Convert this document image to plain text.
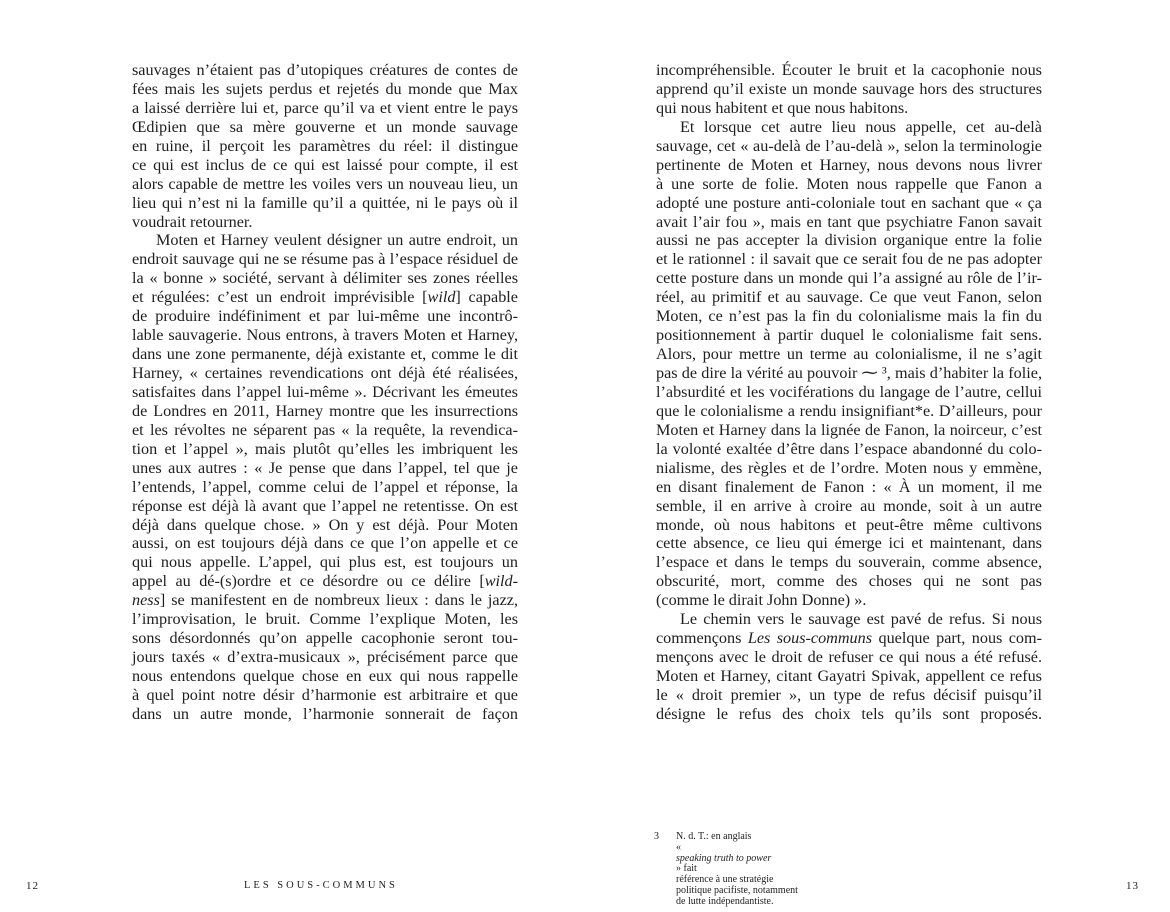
sauvages n’étaient pas d’utopiques créatures de contes de
fées mais les sujets perdus et rejetés du monde que Max
a laissé derrière lui et, parce qu’il va et vient entre le pays
Œdipien que sa mère gouverne et un monde sauvage
en ruine, il perçoit les paramètres du réel: il distingue
ce qui est inclus de ce qui est laissé pour compte, il est
alors capable de mettre les voiles vers un nouveau lieu, un
lieu qui n’est ni la famille qu’il a quittée, ni le pays où il
voudrait retourner.
Moten et Harney veulent désigner un autre endroit, un
endroit sauvage qui ne se résume pas à l’espace résiduel de
la « bonne » société, servant à délimiter ses zones réelles
et régulées: c’est un endroit imprévisible [wild] capable
de produire indéfiniment et par lui-même une incontrô-
lable sauvagerie. Nous entrons, à travers Moten et Harney,
dans une zone permanente, déjà existante et, comme le dit
Harney, « certaines revendications ont déjà été réalisées,
satisfaites dans l’appel lui-même ». Décrivant les émeutes
de Londres en 2011, Harney montre que les insurrections
et les révoltes ne séparent pas « la requête, la revendica-
tion et l’appel », mais plutôt qu’elles les imbriquent les
unes aux autres : « Je pense que dans l’appel, tel que je
l’entends, l’appel, comme celui de l’appel et réponse, la
réponse est déjà là avant que l’appel ne retentisse. On est
déjà dans quelque chose. » On y est déjà. Pour Moten
aussi, on est toujours déjà dans ce que l’on appelle et ce
qui nous appelle. L’appel, qui plus est, est toujours un
appel au dé-(s)ordre et ce désordre ou ce délire [wild-
ness] se manifestent en de nombreux lieux : dans le jazz,
l’improvisation, le bruit. Comme l’explique Moten, les
sons désordonnés qu’on appelle cacophonie seront tou-
jours taxés « d’extra-musicaux », précisément parce que
nous entendons quelque chose en eux qui nous rappelle
à quel point notre désir d’harmonie est arbitraire et que
dans un autre monde, l’harmonie sonnerait de façon
12	LES SOUS-COMMUNS
incompréhensible. Écouter le bruit et la cacophonie nous
apprend qu’il existe un monde sauvage hors des structures
qui nous habitent et que nous habitons.
Et lorsque cet autre lieu nous appelle, cet au-delà
sauvage, cet « au-delà de l’au-delà », selon la terminologie
pertinente de Moten et Harney, nous devons nous livrer
à une sorte de folie. Moten nous rappelle que Fanon a
adopté une posture anti-coloniale tout en sachant que « ça
avait l’air fou », mais en tant que psychiatre Fanon savait
aussi ne pas accepter la division organique entre la folie
et le rationnel : il savait que ce serait fou de ne pas adopter
cette posture dans un monde qui l’a assigné au rôle de l’ir-
réel, au primitif et au sauvage. Ce que veut Fanon, selon
Moten, ce n’est pas la fin du colonialisme mais la fin du
positionnement à partir duquel le colonialisme fait sens.
Alors, pour mettre un terme au colonialisme, il ne s’agit
pas de dire la vérité au pouvoir ⁓ ³, mais d’habiter la folie,
l’absurdité et les vociférations du langage de l’autre, cellui
que le colonialisme a rendu insignifiant*e. D’ailleurs, pour
Moten et Harney dans la lignée de Fanon, la noirceur, c’est
la volonté exaltée d’être dans l’espace abandonné du colo-
nialisme, des règles et de l’ordre. Moten nous y emmène,
en disant finalement de Fanon : « À un moment, il me
semble, il en arrive à croire au monde, soit à un autre
monde, où nous habitons et peut-être même cultivons
cette absence, ce lieu qui émerge ici et maintenant, dans
l’espace et dans le temps du souverain, comme absence,
obscurité, mort, comme des choses qui ne sont pas
(comme le dirait John Donne) ».
Le chemin vers le sauvage est pavé de refus. Si nous
commençons Les sous-communs quelque part, nous com-
mençons avec le droit de refuser ce qui nous a été refusé.
Moten et Harney, citant Gayatri Spivak, appellent ce refus
le « droit premier », un type de refus décisif puisqu’il
désigne le refus des choix tels qu’ils sont proposés.
3 N. d. T.: en anglais
«
speaking truth to power
» fait
référence à une stratégie
politique pacifiste, notamment
de lutte indépendantiste.
13
